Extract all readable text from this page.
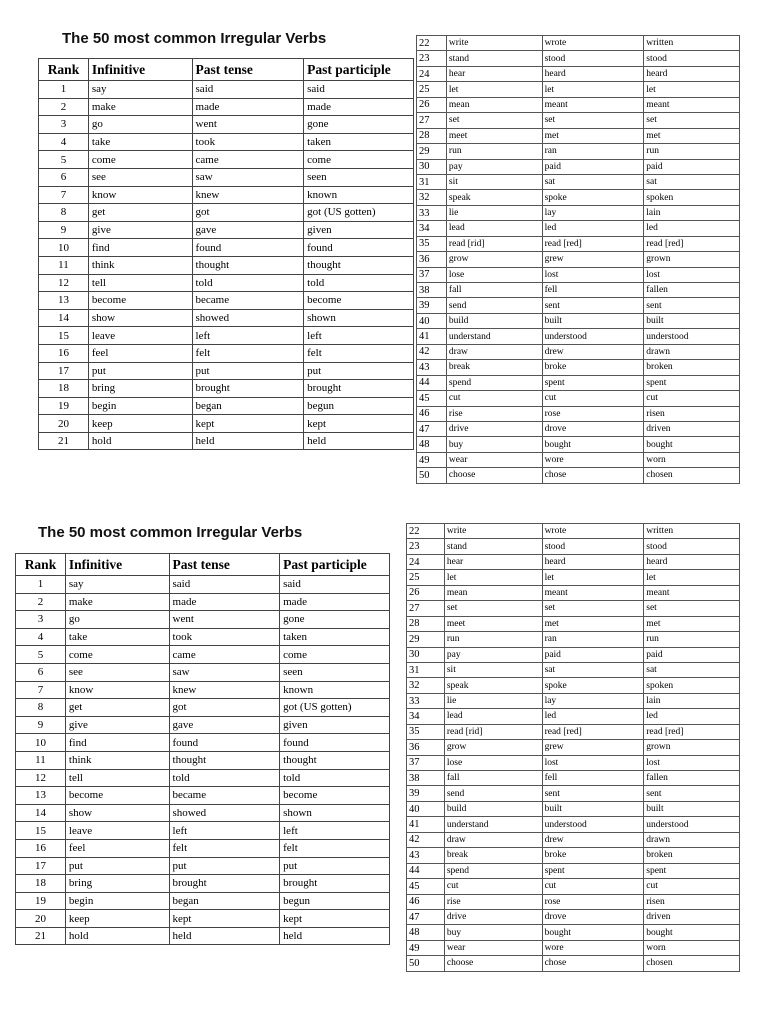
The 50 most common Irregular Verbs
Rank	Infinitive	Past tense	Past participle
1	say	said	said
2	make	made	made
3	go	went	gone
4	take	took	taken
5	come	came	come
6	see	saw	seen
7	know	knew	known
8	get	got	got (US gotten)
9	give	gave	given
10	find	found	found
11	think	thought	thought
12	tell	told	told
13	become	became	become
14	show	showed	shown
15	leave	left	left
16	feel	felt	felt
17	put	put	put
18	bring	brought	brought
19	begin	began	begun
20	keep	kept	kept
21	hold	held	held
22	write	wrote	written
23	stand	stood	stood
24	hear	heard	heard
25	let	let	let
26	mean	meant	meant
27	set	set	set
28	meet	met	met
29	run	ran	run
30	pay	paid	paid
31	sit	sat	sat
32	speak	spoke	spoken
33	lie	lay	lain
34	lead	led	led
35	read [rid]	read [red]	read [red]
36	grow	grew	grown
37	lose	lost	lost
38	fall	fell	fallen
39	send	sent	sent
40	build	built	built
41	understand	understood	understood
42	draw	drew	drawn
43	break	broke	broken
44	spend	spent	spent
45	cut	cut	cut
46	rise	rose	risen
47	drive	drove	driven
48	buy	bought	bought
49	wear	wore	worn
50	choose	chose	chosen
The 50 most common Irregular Verbs
Rank	Infinitive	Past tense	Past participle
1	say	said	said
2	make	made	made
3	go	went	gone
4	take	took	taken
5	come	came	come
6	see	saw	seen
7	know	knew	known
8	get	got	got (US gotten)
9	give	gave	given
10	find	found	found
11	think	thought	thought
12	tell	told	told
13	become	became	become
14	show	showed	shown
15	leave	left	left
16	feel	felt	felt
17	put	put	put
18	bring	brought	brought
19	begin	began	begun
20	keep	kept	kept
21	hold	held	held
22	write	wrote	written
23	stand	stood	stood
24	hear	heard	heard
25	let	let	let
26	mean	meant	meant
27	set	set	set
28	meet	met	met
29	run	ran	run
30	pay	paid	paid
31	sit	sat	sat
32	speak	spoke	spoken
33	lie	lay	lain
34	lead	led	led
35	read [rid]	read [red]	read [red]
36	grow	grew	grown
37	lose	lost	lost
38	fall	fell	fallen
39	send	sent	sent
40	build	built	built
41	understand	understood	understood
42	draw	drew	drawn
43	break	broke	broken
44	spend	spent	spent
45	cut	cut	cut
46	rise	rose	risen
47	drive	drove	driven
48	buy	bought	bought
49	wear	wore	worn
50	choose	chose	chosen
